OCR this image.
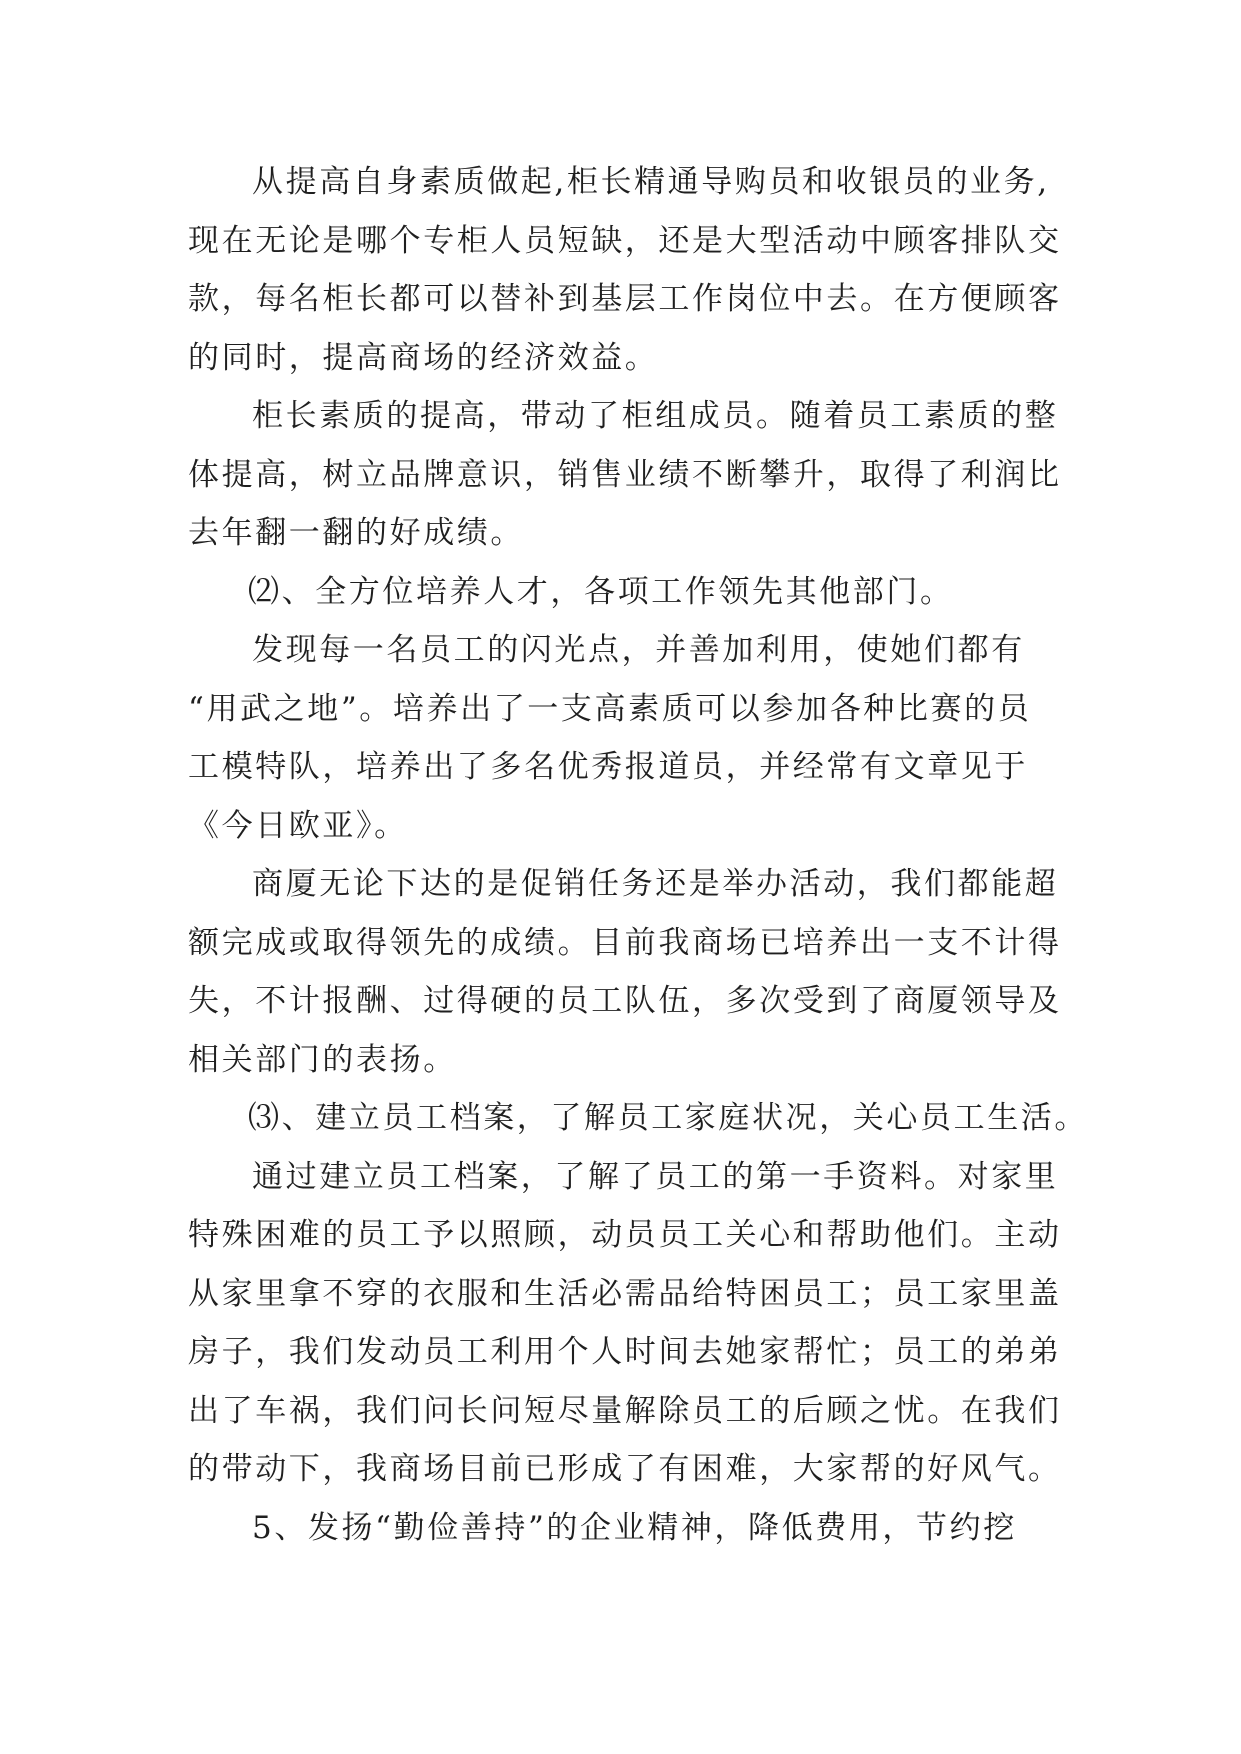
从提高自身素质做起,柜长精通导购员和收银员的业务,
现在无论是哪个专柜人员短缺，还是大型活动中顾客排队交
款，每名柜长都可以替补到基层工作岗位中去。在方便顾客
的同时，提高商场的经济效益。
柜长素质的提高，带动了柜组成员。随着员工素质的整
体提高，树立品牌意识，销售业绩不断攀升，取得了利润比
去年翻一翻的好成绩。
⑵、全方位培养人才，各项工作领先其他部门。
发现每一名员工的闪光点，并善加利用，使她们都有
“用武之地”。培养出了一支高素质可以参加各种比赛的员
工模特队，培养出了多名优秀报道员，并经常有文章见于
《今日欧亚》。
商厦无论下达的是促销任务还是举办活动，我们都能超
额完成或取得领先的成绩。目前我商场已培养出一支不计得
失，不计报酬、过得硬的员工队伍，多次受到了商厦领导及
相关部门的表扬。
⑶、建立员工档案，了解员工家庭状况，关心员工生活。
通过建立员工档案，了解了员工的第一手资料。对家里
特殊困难的员工予以照顾，动员员工关心和帮助他们。主动
从家里拿不穿的衣服和生活必需品给特困员工；员工家里盖
房子，我们发动员工利用个人时间去她家帮忙；员工的弟弟
出了车祸，我们问长问短尽量解除员工的后顾之忧。在我们
的带动下，我商场目前已形成了有困难，大家帮的好风气。
5、发扬“勤俭善持”的企业精神，降低费用，节约挖
